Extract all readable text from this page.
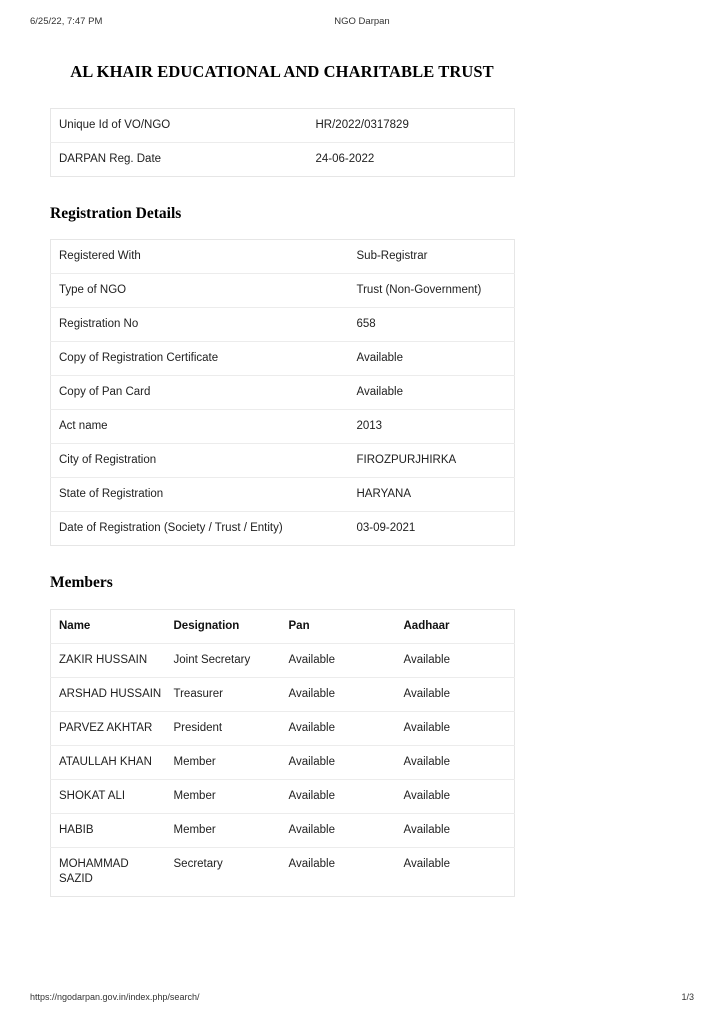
6/25/22, 7:47 PM	NGO Darpan
AL KHAIR EDUCATIONAL AND CHARITABLE TRUST
Unique Id of VO/NGO	HR/2022/0317829
DARPAN Reg. Date	24-06-2022
Registration Details
Registered With	Sub-Registrar
Type of NGO	Trust (Non-Government)
Registration No	658
Copy of Registration Certificate	Available
Copy of Pan Card	Available
Act name	2013
City of Registration	FIROZPURJHIRKA
State of Registration	HARYANA
Date of Registration (Society / Trust / Entity)	03-09-2021
Members
Name	Designation	Pan	Aadhaar
ZAKIR HUSSAIN	Joint Secretary	Available	Available
ARSHAD HUSSAIN	Treasurer	Available	Available
PARVEZ AKHTAR	President	Available	Available
ATAULLAH KHAN	Member	Available	Available
SHOKAT ALI	Member	Available	Available
HABIB	Member	Available	Available
MOHAMMAD SAZID	Secretary	Available	Available
https://ngodarpan.gov.in/index.php/search/	1/3
